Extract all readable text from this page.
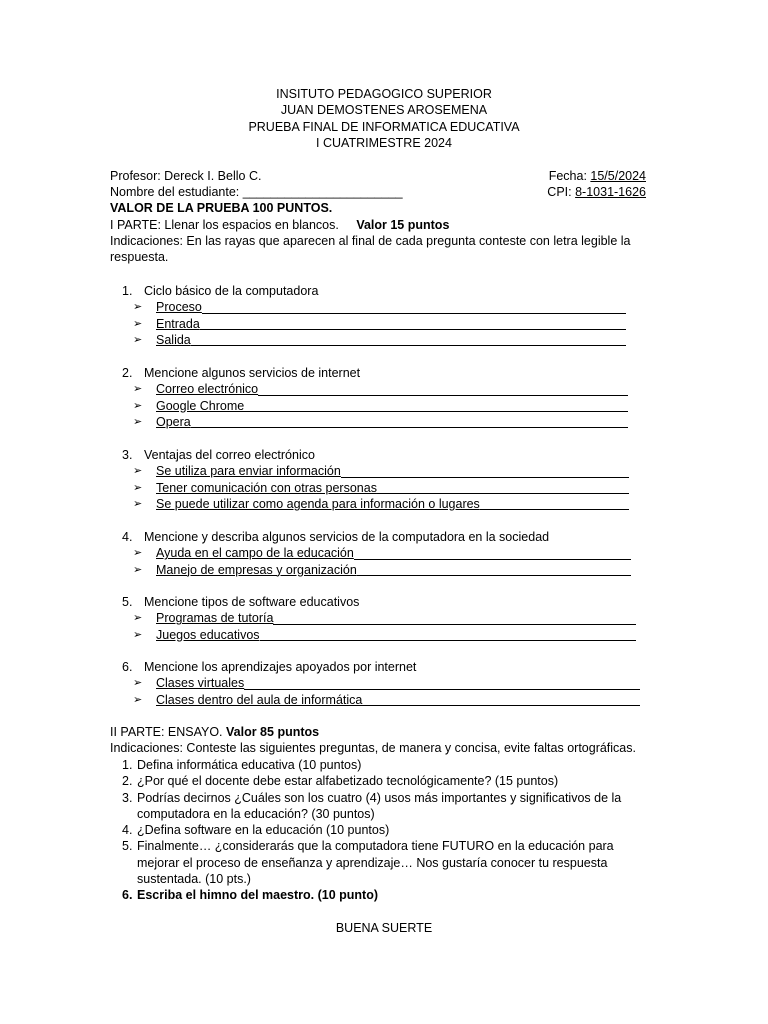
INSITUTO PEDAGOGICO SUPERIOR
JUAN DEMOSTENES AROSEMENA
PRUEBA FINAL DE INFORMATICA EDUCATIVA
I CUATRIMESTRE 2024
Profesor: Dereck I. Bello C.	Fecha: 15/5/2024
Nombre del estudiante: _______________________	CPI: 8-1031-1626
VALOR DE LA PRUEBA 100 PUNTOS.
I PARTE: Llenar los espacios en blancos. Valor 15 puntos
Indicaciones: En las rayas que aparecen al final de cada pregunta conteste con letra legible la respuesta.
1. Ciclo básico de la computadora
➢	Proceso
➢	Entrada
➢	Salida
2. Mencione algunos servicios de internet
➢	Correo electrónico
➢	Google Chrome
➢	Opera
3. Ventajas del correo electrónico
➢	Se utiliza para enviar información
➢	Tener comunicación con otras personas
➢	Se puede utilizar como agenda para información o lugares
4. Mencione y describa algunos servicios de la computadora en la sociedad
➢	Ayuda en el campo de la educación
➢	Manejo de empresas y organización
5. Mencione tipos de software educativos
➢	Programas de tutoría
➢	Juegos educativos
6. Mencione los aprendizajes apoyados por internet
➢	Clases virtuales
➢	Clases dentro del aula de informática
II PARTE: ENSAYO. Valor 85 puntos
Indicaciones: Conteste las siguientes preguntas, de manera y concisa, evite faltas ortográficas.
1. Defina informática educativa (10 puntos)
2. ¿Por qué el docente debe estar alfabetizado tecnológicamente? (15 puntos)
3. Podrías decirnos ¿Cuáles son los cuatro (4) usos más importantes y significativos de la computadora en la educación? (30 puntos)
4. ¿Defina software en la educación (10 puntos)
5. Finalmente… ¿considerarás que la computadora tiene FUTURO en la educación para mejorar el proceso de enseñanza y aprendizaje… Nos gustaría conocer tu respuesta sustentada. (10 pts.)
6. Escriba el himno del maestro. (10 punto)
BUENA SUERTE
